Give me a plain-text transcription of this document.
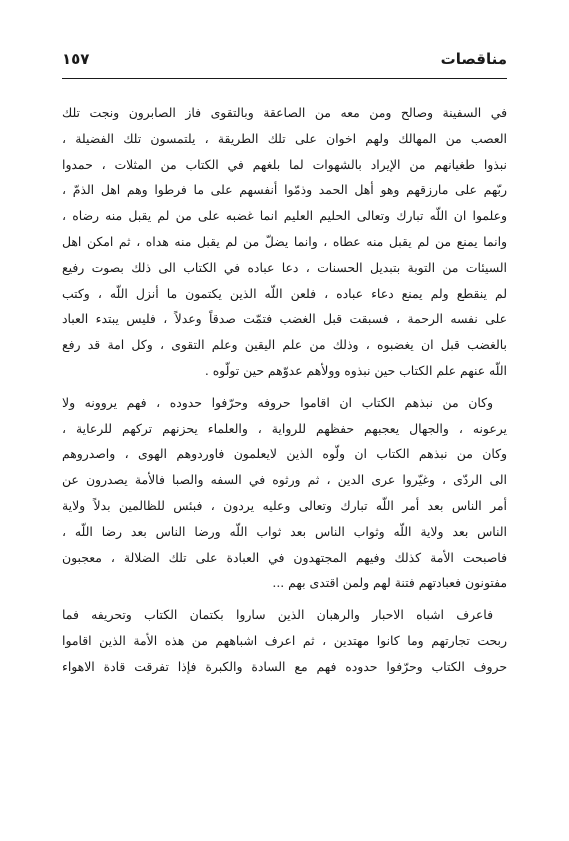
مناقصات
١٥٧
في السفينة وصالح ومن معه من الصاعقة وبالتقوى فاز الصابرون ونجت تلك
العصب من المهالك ولهم اخوان على تلك الطريقة ، يلتمسون تلك الفضيلة ،
نبذوا طغيانهم من الإيراد بالشهوات لما بلغهم في الكتاب من المثلات ، حمدوا
ربّهم على مارزقهم وهو أهل الحمد وذمّوا أنفسهم على ما فرطوا وهم اهل الذمّ ،
وعلموا ان اللّه تبارك وتعالى الحليم العليم انما غضبه على من لم يقبل منه رضاه ،
وانما يمنع من لم يقبل منه عطاه ، وانما يضلّ من لم يقبل منه هداه ، ثم امكن اهل
السيئات من التوبة بتبديل الحسنات ، دعا عباده في الكتاب الى ذلك بصوت رفيع
لم ينقطع ولم يمنع دعاء عباده ، فلعن اللّه الذين يكتمون ما أنزل اللّه ، وكتب
على نفسه الرحمة ، فسبقت قبل الغضب فتمّت صدقاً وعدلاً ، فليس يبتدء العباد
بالغضب قبل ان يغضبوه ، وذلك من علم اليقين وعلم التقوى ، وكل امة قد رفع
اللّه عنهم علم الكتاب حين نبذوه وولأهم عدوّهم حين تولّوه .
وكان من نبذهم الكتاب ان اقاموا حروفه وحرّفوا حدوده ، فهم يروونه ولا
يرعونه ، والجهال يعجبهم حفظهم للرواية ، والعلماء يحزنهم تركهم للرعاية ،
وكان من نبذهم الكتاب ان ولّوه الذين لايعلمون فاوردوهم الهوى ، واصدروهم
الى الردّى ، وغيّروا عرى الدين ، ثم ورثوه في السفه والصبا فالأمة يصدرون عن
أمر الناس بعد أمر اللّه تبارك وتعالى وعليه يردون ، فبئس للظالمين بدلاً ولاية
الناس بعد ولاية اللّه وثواب الناس بعد ثواب اللّه ورضا الناس بعد رضا اللّه ،
فاصبحت الأمة كذلك وفيهم المجتهدون في العبادة على تلك الضلالة ، معجبون
مفتونون فعبادتهم فتنة لهم ولمن اقتدى بهم ...
فاعرف اشباه الاحبار والرهبان الذين ساروا بكتمان الكتاب وتحريفه فما
ربحت تجارتهم وما كانوا مهتدين ، ثم اعرف اشباههم من هذه الأمة الذين اقاموا
حروف الكتاب وحرّفوا حدوده فهم مع السادة والكبرة فإذا تفرقت قادة الاهواء
